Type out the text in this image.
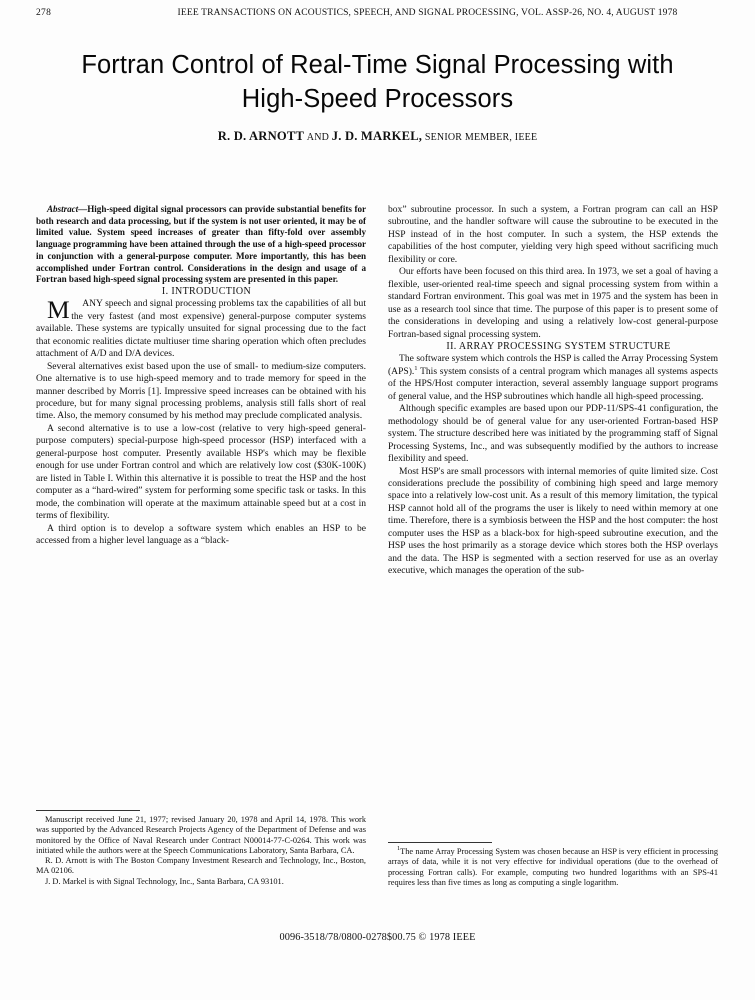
278	IEEE TRANSACTIONS ON ACOUSTICS, SPEECH, AND SIGNAL PROCESSING, VOL. ASSP-26, NO. 4, AUGUST 1978
Fortran Control of Real-Time Signal Processing with
High-Speed Processors
R. D. ARNOTT AND J. D. MARKEL, SENIOR MEMBER, IEEE

Abstract—High-speed digital signal processors can provide substantial benefits for both research and data processing, but if the system is not user oriented, it may be of limited value. System speed increases of greater than fifty-fold over assembly language programming have been attained through the use of a high-speed processor in conjunction with a general-purpose computer. More importantly, this has been accomplished under Fortran control. Considerations in the design and usage of a Fortran based high-speed signal processing system are presented in this paper.

I. INTRODUCTION

M ANY speech and signal processing problems tax the capabilities of all but the very fastest (and most expensive) general-purpose computer systems available. These systems are typically unsuited for signal processing due to the fact that economic realities dictate multiuser time sharing operation which often precludes attachment of A/D and D/A devices.

Several alternatives exist based upon the use of small- to medium-size computers. One alternative is to use high-speed memory and to trade memory for speed in the manner described by Morris [1]. Impressive speed increases can be obtained with his procedure, but for many signal processing problems, analysis still falls short of real time. Also, the memory consumed by his method may preclude complicated analysis.

A second alternative is to use a low-cost (relative to very high-speed general-purpose computers) special-purpose high-speed processor (HSP) interfaced with a general-purpose host computer. Presently available HSP's which may be flexible enough for use under Fortran control and which are relatively low cost ($30K-100K) are listed in Table I. Within this alternative it is possible to treat the HSP and the host computer as a “hard-wired” system for performing some specific task or tasks. In this mode, the combination will operate at the maximum attainable speed but at a cost in terms of flexibility.

A third option is to develop a software system which enables an HSP to be accessed from a higher level language as a “black-

box” subroutine processor. In such a system, a Fortran program can call an HSP subroutine, and the handler software will cause the subroutine to be executed in the HSP instead of in the host computer. In such a system, the HSP extends the capabilities of the host computer, yielding very high speed without sacrificing much flexibility or core.

Our efforts have been focused on this third area. In 1973, we set a goal of having a flexible, user-oriented real-time speech and signal processing system from within a standard Fortran environment. This goal was met in 1975 and the system has been in use as a research tool since that time. The purpose of this paper is to present some of the considerations in developing and using a relatively low-cost general-purpose Fortran-based signal processing system.

II. ARRAY PROCESSING SYSTEM STRUCTURE

The software system which controls the HSP is called the Array Processing System (APS).$^1$ This system consists of a central program which manages all systems aspects of the HPS/Host computer interaction, several assembly language support programs of general value, and the HSP subroutines which handle all high-speed processing.

Although specific examples are based upon our PDP-11/SPS-41 configuration, the methodology should be of general value for any user-oriented Fortran-based HSP system. The structure described here was initiated by the programming staff of Signal Processing Systems, Inc., and was subsequently modified by the authors to increase flexibility and speed.

Most HSP's are small processors with internal memories of quite limited size. Cost considerations preclude the possibility of combining high speed and large memory space into a relatively low-cost unit. As a result of this memory limitation, the typical HSP cannot hold all of the programs the user is likely to need within memory at one time. Therefore, there is a symbiosis between the HSP and the host computer: the host computer uses the HSP as a black-box for high-speed subroutine execution, and the HSP uses the host primarily as a storage device which stores both the HSP overlays and the data. The HSP is segmented with a section reserved for use as an overlay executive, which manages the operation of the sub-

Manuscript received June 21, 1977; revised January 20, 1978 and April 14, 1978. This work was supported by the Advanced Research Projects Agency of the Department of Defense and was monitored by the Office of Naval Research under Contract N00014-77-C-0264. This work was initiated while the authors were at the Speech Communications Laboratory, Santa Barbara, CA.

R. D. Arnott is with The Boston Company Investment Research and Technology, Inc., Boston, MA 02106.

J. D. Markel is with Signal Technology, Inc., Santa Barbara, CA 93101.

$^1$The name Array Processing System was chosen because an HSP is very efficient in processing arrays of data, while it is not very effective for individual operations (due to the overhead of processing Fortran calls). For example, computing two hundred logarithms with an SPS-41 requires less than five times as long as computing a single logarithm.

0096-3518/78/0800-0278$00.75 © 1978 IEEE
